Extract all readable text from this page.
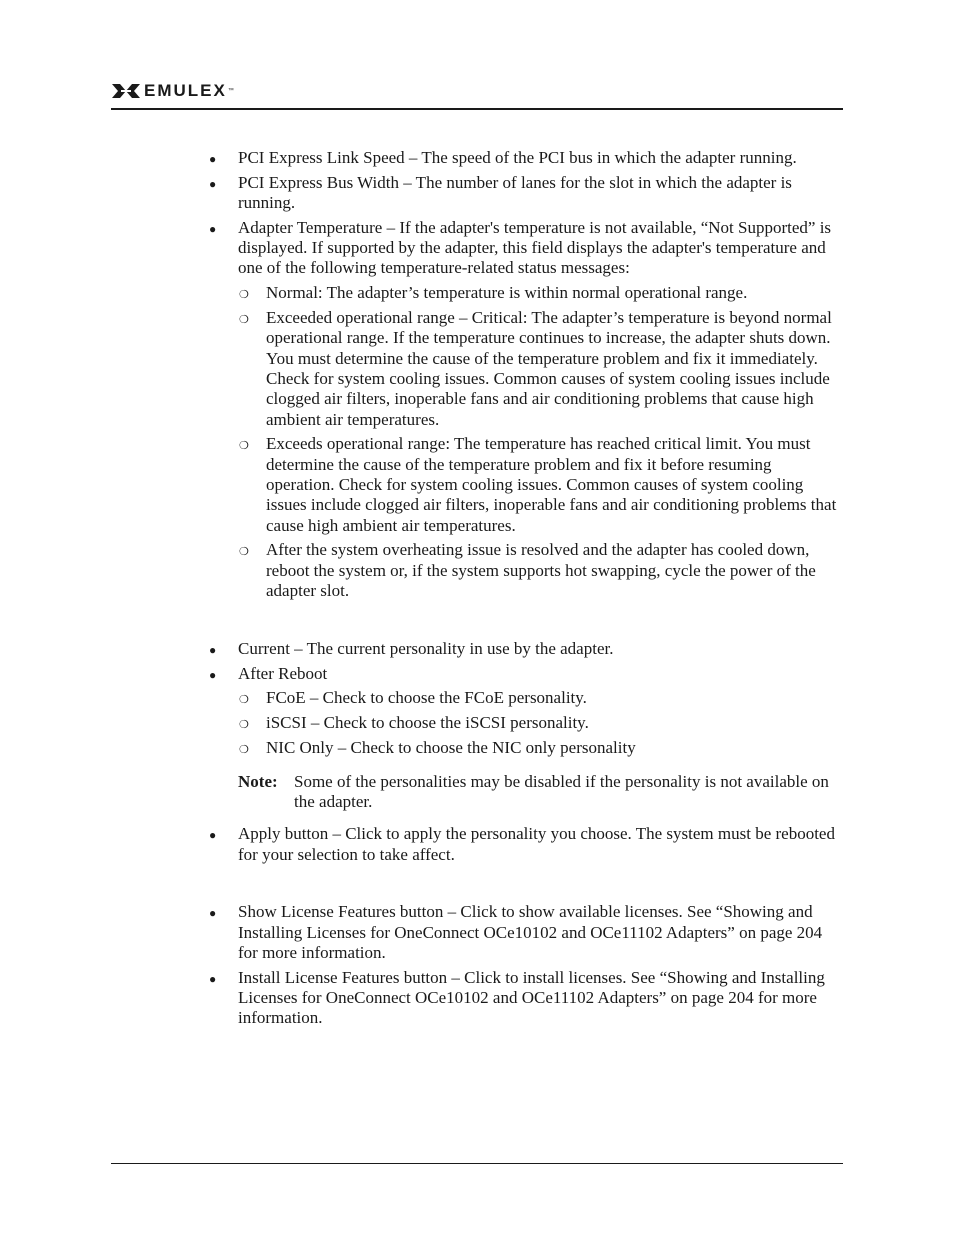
EMULEX ™
● PCI Express Link Speed – The speed of the PCI bus in which the adapter running.
● PCI Express Bus Width – The number of lanes for the slot in which the adapter is running.
● Adapter Temperature – If the adapter's temperature is not available, “Not Supported” is displayed. If supported by the adapter, this field displays the adapter's temperature and one of the following temperature-related status messages:
❍ Normal: The adapter’s temperature is within normal operational range.
❍ Exceeded operational range – Critical: The adapter’s temperature is beyond normal operational range. If the temperature continues to increase, the adapter shuts down. You must determine the cause of the temperature problem and fix it immediately. Check for system cooling issues. Common causes of system cooling issues include clogged air filters, inoperable fans and air conditioning problems that cause high ambient air temperatures.
❍ Exceeds operational range: The temperature has reached critical limit. You must determine the cause of the temperature problem and fix it before resuming operation. Check for system cooling issues. Common causes of system cooling issues include clogged air filters, inoperable fans and air conditioning problems that cause high ambient air temperatures.
❍ After the system overheating issue is resolved and the adapter has cooled down, reboot the system or, if the system supports hot swapping, cycle the power of the adapter slot.
● Current – The current personality in use by the adapter.
● After Reboot
❍ FCoE – Check to choose the FCoE personality.
❍ iSCSI – Check to choose the iSCSI personality.
❍ NIC Only – Check to choose the NIC only personality
Note: Some of the personalities may be disabled if the personality is not available on the adapter.
● Apply button – Click to apply the personality you choose. The system must be rebooted for your selection to take affect.
● Show License Features button – Click to show available licenses. See “Showing and Installing Licenses for OneConnect OCe10102 and OCe11102 Adapters” on page 204 for more information.
● Install License Features button – Click to install licenses. See “Showing and Installing Licenses for OneConnect OCe10102 and OCe11102 Adapters” on page 204 for more information.
